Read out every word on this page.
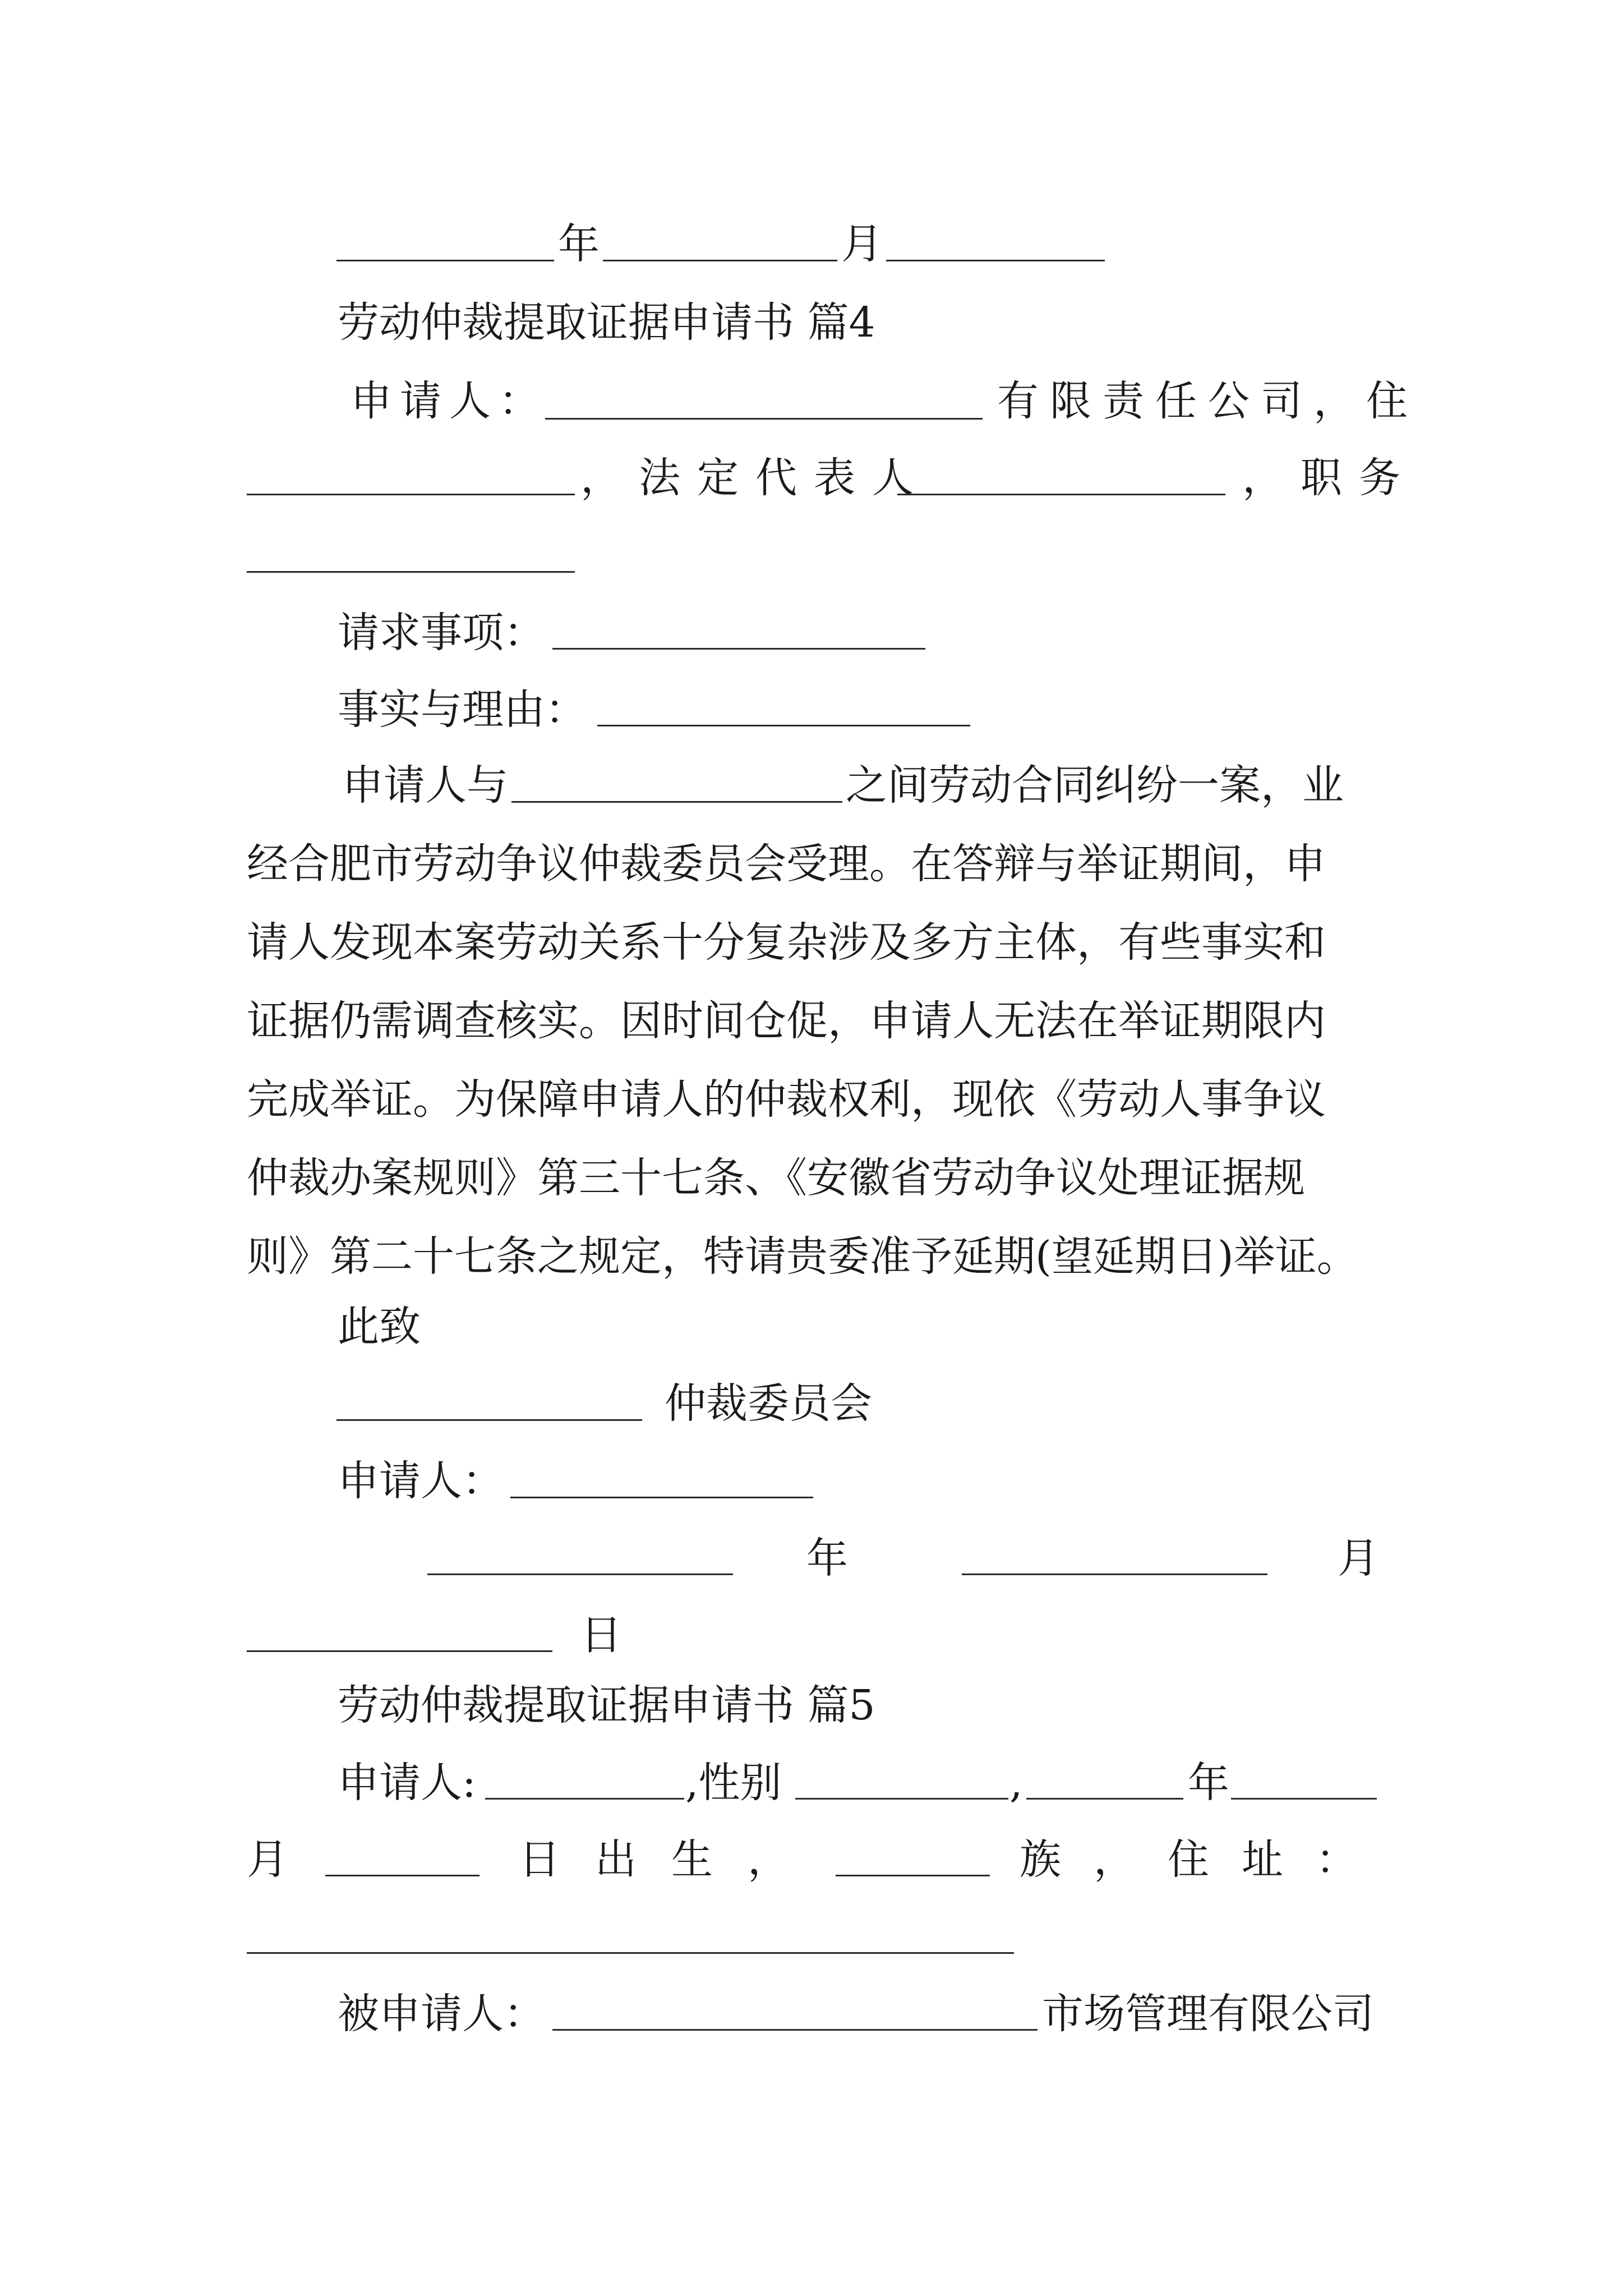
年	月
劳动仲裁提取证据申请书 篇4
申请人：	有限责任公司，住
，法定代表人	，职务
请求事项：
事实与理由：
申请人与	之间劳动合同纠纷一案，业
经合肥市劳动争议仲裁委员会受理。在答辩与举证期间，申
请人发现本案劳动关系十分复杂涉及多方主体，有些事实和
证据仍需调查核实。因时间仓促，申请人无法在举证期限内
完成举证。为保障申请人的仲裁权利，现依《劳动人事争议
仲裁办案规则》第三十七条、《安徽省劳动争议处理证据规
则》第二十七条之规定，特请贵委准予延期(望延期日)举证。
此致
仲裁委员会
申请人：
年	月
日
劳动仲裁提取证据申请书 篇5
申请人:	,性别	,	年
月	日出生，	族，住址：
被申请人：	市场管理有限公司
